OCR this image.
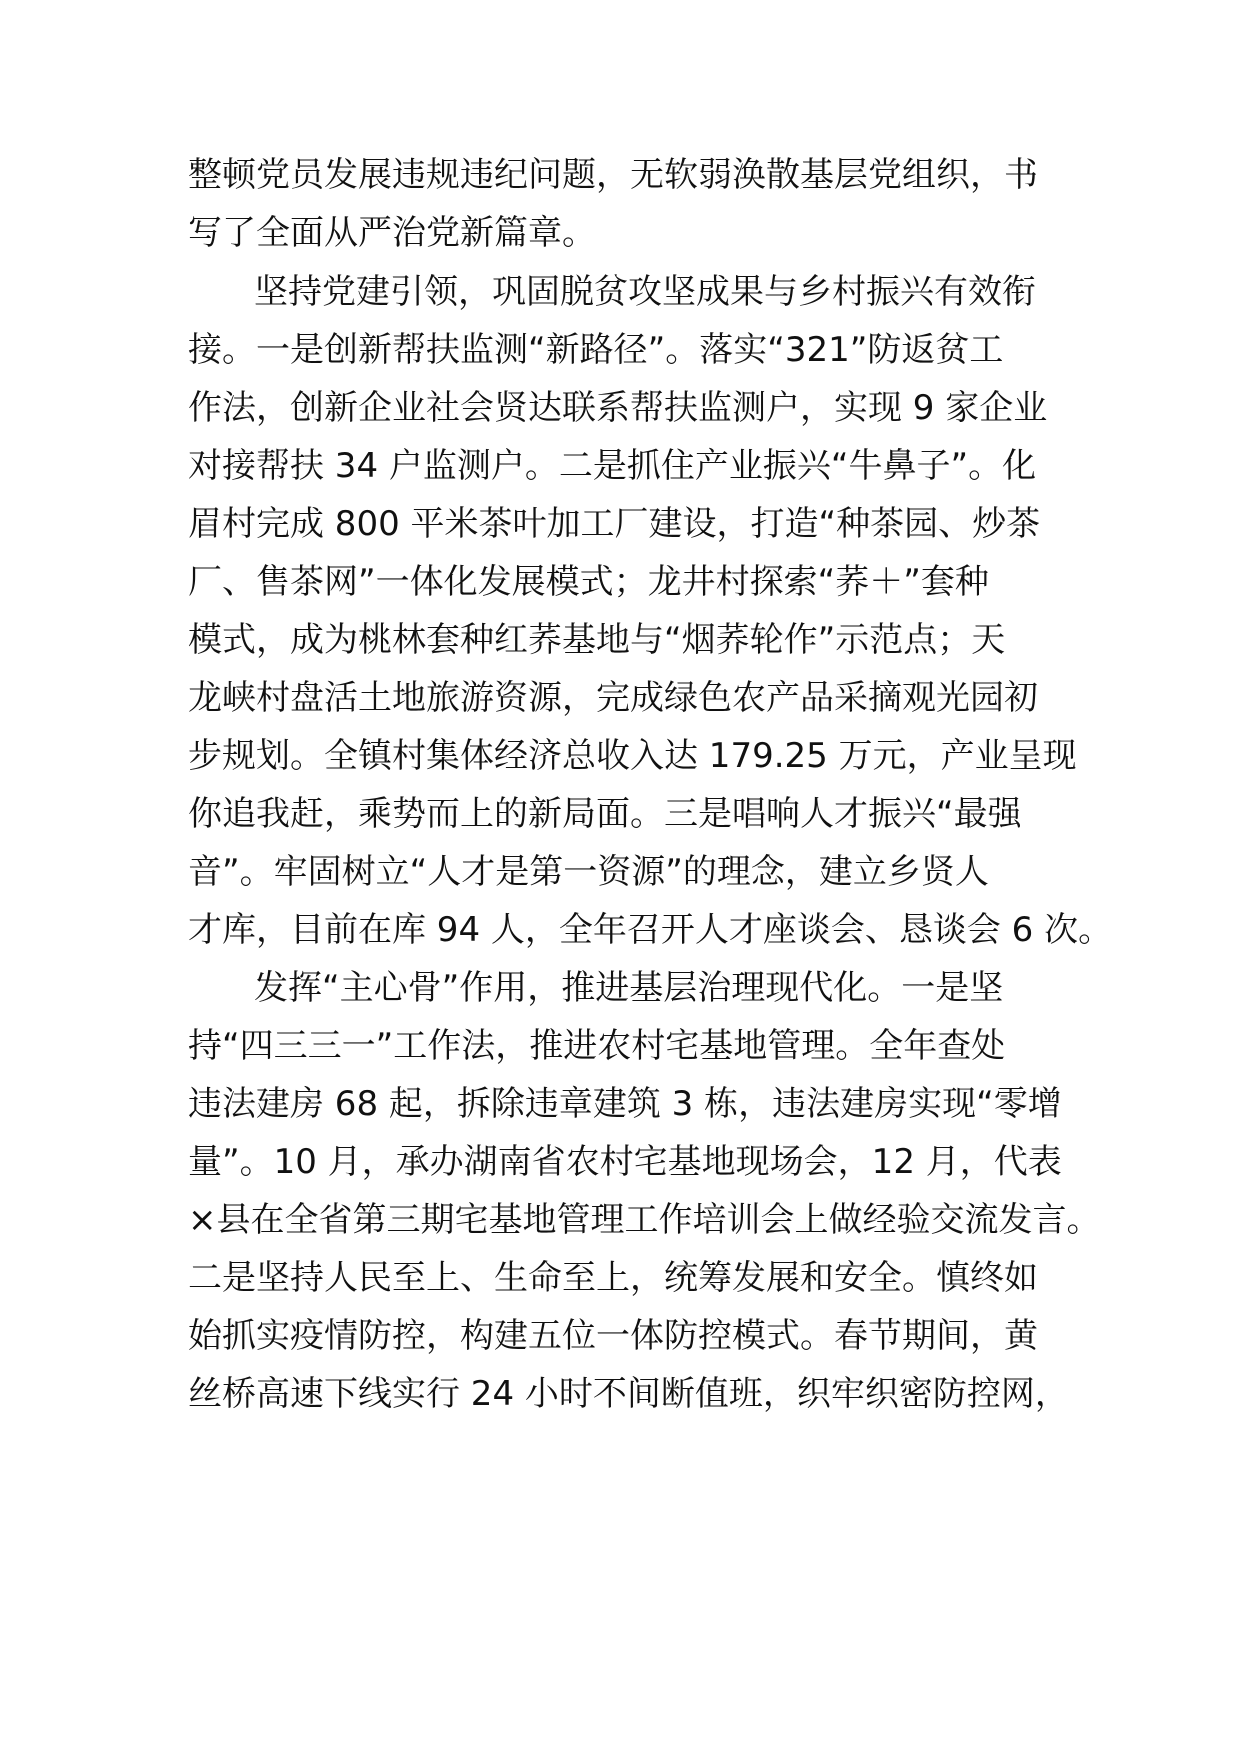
整顿党员发展违规违纪问题，无软弱涣散基层党组织，书

写了全面从严治党新篇章。

坚持党建引领，巩固脱贫攻坚成果与乡村振兴有效衔

接。一是创新帮扶监测“新路径”。落实“321”防返贫工

作法，创新企业社会贤达联系帮扶监测户，实现 9 家企业

对接帮扶 34 户监测户。二是抓住产业振兴“牛鼻子”。化

眉村完成 800 平米茶叶加工厂建设，打造“种茶园、炒茶

厂、售茶网”一体化发展模式；龙井村探索“荞＋”套种

模式，成为桃林套种红荞基地与“烟荞轮作”示范点；天

龙峡村盘活土地旅游资源，完成绿色农产品采摘观光园初

步规划。全镇村集体经济总收入达 179.25 万元，产业呈现

你追我赶，乘势而上的新局面。三是唱响人才振兴“最强

音”。牢固树立“人才是第一资源”的理念，建立乡贤人

才库，目前在库 94 人，全年召开人才座谈会、恳谈会 6 次。

发挥“主心骨”作用，推进基层治理现代化。一是坚

持“四三三一”工作法，推进农村宅基地管理。全年查处

违法建房 68 起，拆除违章建筑 3 栋，违法建房实现“零增

量”。10 月，承办湖南省农村宅基地现场会，12 月，代表

×县在全省第三期宅基地管理工作培训会上做经验交流发言。

二是坚持人民至上、生命至上，统筹发展和安全。慎终如

始抓实疫情防控，构建五位一体防控模式。春节期间，黄

丝桥高速下线实行 24 小时不间断值班，织牢织密防控网，
